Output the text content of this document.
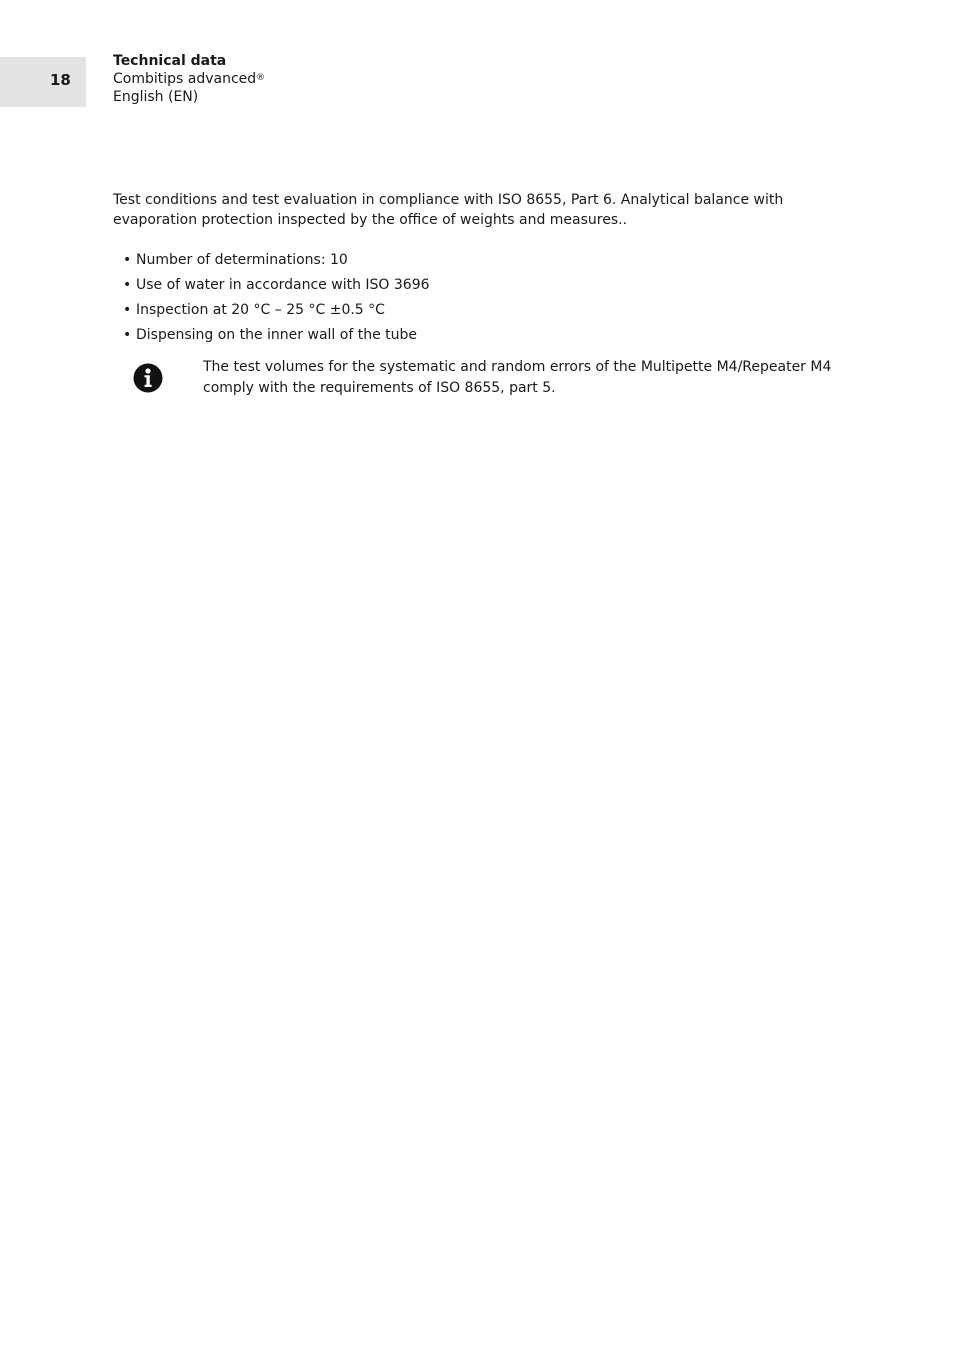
18
Technical data
Combitips advanced®
English (EN)

Test conditions and test evaluation in compliance with ISO 8655, Part 6. Analytical balance with evaporation protection inspected by the office of weights and measures..

• Number of determinations: 10
• Use of water in accordance with ISO 3696
• Inspection at 20 °C – 25 °C ±0.5 °C
• Dispensing on the inner wall of the tube

The test volumes for the systematic and random errors of the Multipette M4/Repeater M4 comply with the requirements of ISO 8655, part 5.
